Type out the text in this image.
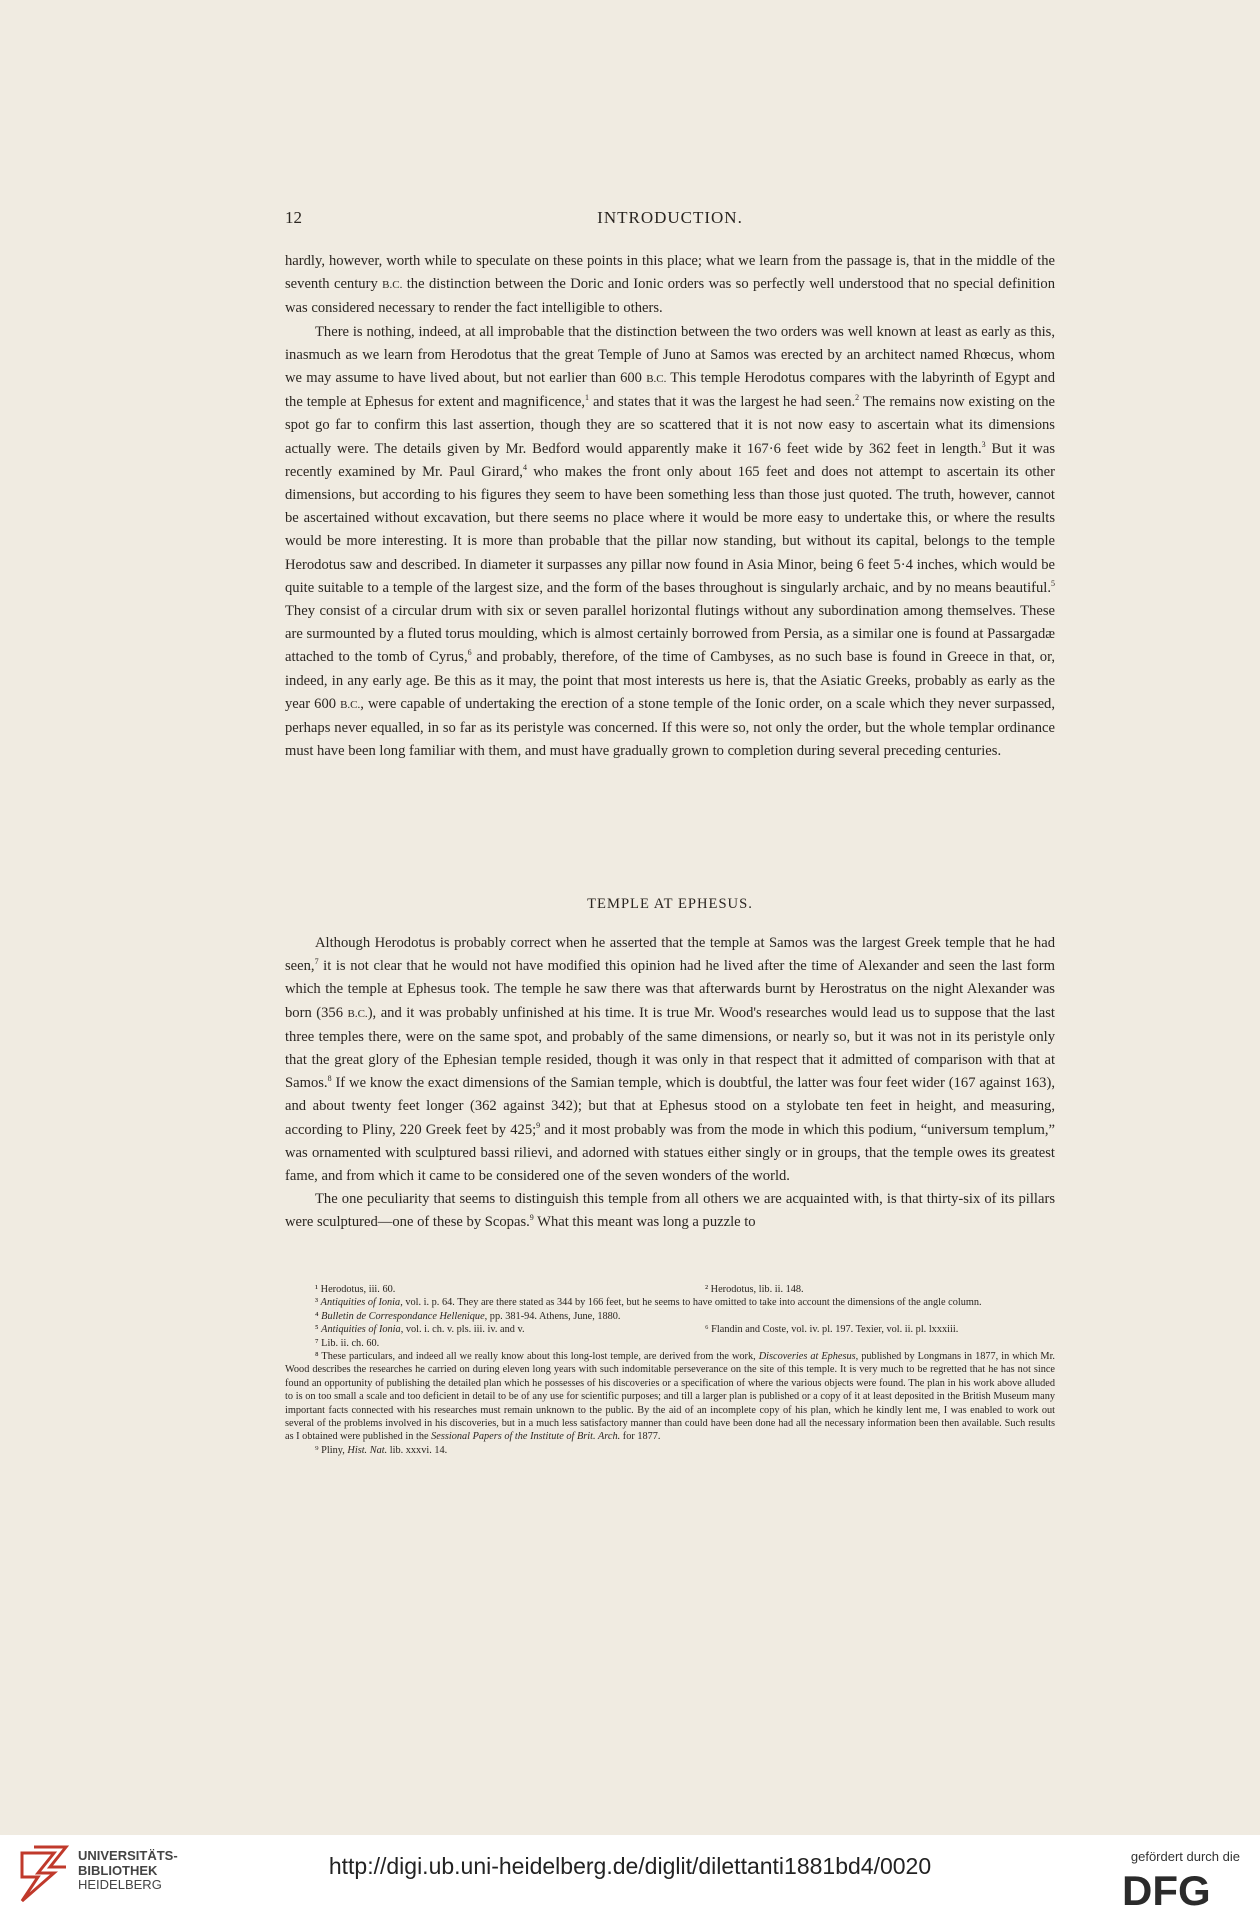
12	INTRODUCTION.

hardly, however, worth while to speculate on these points in this place; what we learn from the passage is, that in the middle of the seventh century B.C. the distinction between the Doric and Ionic orders was so perfectly well understood that no special definition was considered necessary to render the fact intelligible to others.

There is nothing, indeed, at all improbable that the distinction between the two orders was well known at least as early as this, inasmuch as we learn from Herodotus that the great Temple of Juno at Samos was erected by an architect named Rhœcus, whom we may assume to have lived about, but not earlier than 600 B.C. This temple Herodotus compares with the labyrinth of Egypt and the temple at Ephesus for extent and magnificence,$^1$ and states that it was the largest he had seen.$^2$ The remains now existing on the spot go far to confirm this last assertion, though they are so scattered that it is not now easy to ascertain what its dimensions actually were. The details given by Mr. Bedford would apparently make it 167·6 feet wide by 362 feet in length.$^3$ But it was recently examined by Mr. Paul Girard,$^4$ who makes the front only about 165 feet and does not attempt to ascertain its other dimensions, but according to his figures they seem to have been something less than those just quoted. The truth, however, cannot be ascertained without excavation, but there seems no place where it would be more easy to undertake this, or where the results would be more interesting. It is more than probable that the pillar now standing, but without its capital, belongs to the temple Herodotus saw and described. In diameter it surpasses any pillar now found in Asia Minor, being 6 feet 5·4 inches, which would be quite suitable to a temple of the largest size, and the form of the bases throughout is singularly archaic, and by no means beautiful.$^5$ They consist of a circular drum with six or seven parallel horizontal flutings without any subordination among themselves. These are surmounted by a fluted torus moulding, which is almost certainly borrowed from Persia, as a similar one is found at Passargadæ attached to the tomb of Cyrus,$^6$ and probably, therefore, of the time of Cambyses, as no such base is found in Greece in that, or, indeed, in any early age. Be this as it may, the point that most interests us here is, that the Asiatic Greeks, probably as early as the year 600 B.C., were capable of undertaking the erection of a stone temple of the Ionic order, on a scale which they never surpassed, perhaps never equalled, in so far as its peristyle was concerned. If this were so, not only the order, but the whole templar ordinance must have been long familiar with them, and must have gradually grown to completion during several preceding centuries.

TEMPLE AT EPHESUS.

Although Herodotus is probably correct when he asserted that the temple at Samos was the largest Greek temple that he had seen,$^7$ it is not clear that he would not have modified this opinion had he lived after the time of Alexander and seen the last form which the temple at Ephesus took. The temple he saw there was that afterwards burnt by Herostratus on the night Alexander was born (356 B.C.), and it was probably unfinished at his time. It is true Mr. Wood's researches would lead us to suppose that the last three temples there, were on the same spot, and probably of the same dimensions, or nearly so, but it was not in its peristyle only that the great glory of the Ephesian temple resided, though it was only in that respect that it admitted of comparison with that at Samos.$^8$ If we know the exact dimensions of the Samian temple, which is doubtful, the latter was four feet wider (167 against 163), and about twenty feet longer (362 against 342); but that at Ephesus stood on a stylobate ten feet in height, and measuring, according to Pliny, 220 Greek feet by 425;$^9$ and it most probably was from the mode in which this podium, “universum templum,” was ornamented with sculptured bassi rilievi, and adorned with statues either singly or in groups, that the temple owes its greatest fame, and from which it came to be considered one of the seven wonders of the world.

The one peculiarity that seems to distinguish this temple from all others we are acquainted with, is that thirty-six of its pillars were sculptured—one of these by Scopas.$^9$ What this meant was long a puzzle to

¹ Herodotus, iii. 60.	² Herodotus, lib. ii. 148.

³ Antiquities of Ionia, vol. i. p. 64. They are there stated as 344 by 166 feet, but he seems to have omitted to take into account the dimensions of the angle column.

⁴ Bulletin de Correspondance Hellenique, pp. 381-94. Athens, June, 1880.

⁵ Antiquities of Ionia, vol. i. ch. v. pls. iii. iv. and v.	⁶ Flandin and Coste, vol. iv. pl. 197. Texier, vol. ii. pl. lxxxiii.

⁷ Lib. ii. ch. 60.

⁸ These particulars, and indeed all we really know about this long-lost temple, are derived from the work, Discoveries at Ephesus, published by Longmans in 1877, in which Mr. Wood describes the researches he carried on during eleven long years with such indomitable perseverance on the site of this temple. It is very much to be regretted that he has not since found an opportunity of publishing the detailed plan which he possesses of his discoveries or a specification of where the various objects were found. The plan in his work above alluded to is on too small a scale and too deficient in detail to be of any use for scientific purposes; and till a larger plan is published or a copy of it at least deposited in the British Museum many important facts connected with his researches must remain unknown to the public. By the aid of an incomplete copy of his plan, which he kindly lent me, I was enabled to work out several of the problems involved in his discoveries, but in a much less satisfactory manner than could have been done had all the necessary information been then available. Such results as I obtained were published in the Sessional Papers of the Institute of Brit. Arch. for 1877.

⁹ Pliny, Hist. Nat. lib. xxxvi. 14.

UNIVERSITÄTS-
BIBLIOTHEK
HEIDELBERG
http://digi.ub.uni-heidelberg.de/diglit/dilettanti1881bd4/0020	gefördert durch die
DFG
